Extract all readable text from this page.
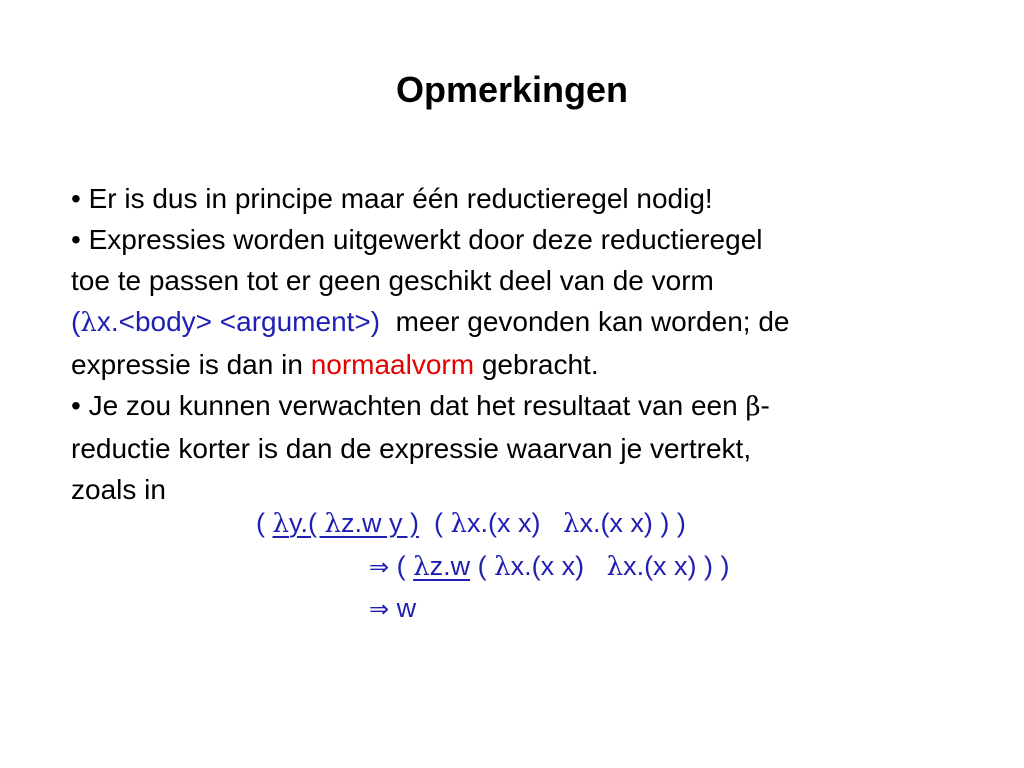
Opmerkingen
• Er is dus in principe maar één reductieregel nodig!
• Expressies worden uitgewerkt door deze reductieregel
toe te passen tot er geen geschikt deel van de vorm
(λx.<body> <argument>)  meer gevonden kan worden; de
expressie is dan in normaalvorm gebracht.
• Je zou kunnen verwachten dat het resultaat van een β-
reductie korter is dan de expressie waarvan je vertrekt,
zoals in
( λy.( λz.w y )  ( λx.(x x)   λx.(x x) ) )
⇒ ( λz.w ( λx.(x x)   λx.(x x) ) )
⇒ w
